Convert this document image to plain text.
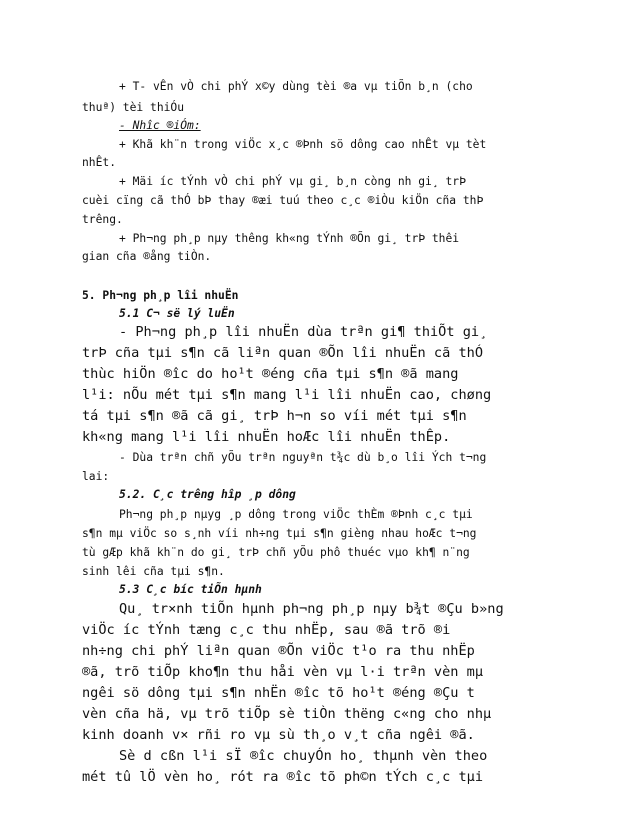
+ T- vÊn vÒ chi phÝ x©y dùng tèi ®a vµ tiÕn b¸n (cho
thuª) tèi thiÓu
- Nhîc ®iÓm:
+ Khã kh¨n trong viÖc x¸c ®Þnh sö dông cao nhÊt vµ tèt
nhÊt.
+ Mäi íc tÝnh vÒ chi phÝ vµ gi¸ b¸n còng nh gi¸ trÞ
cuèi cïng cã thÓ bÞ thay ®æi tuú theo c¸c ®iÒu kiÖn cña thÞ
trêng.
+ Ph¬ng ph¸p nµy thêng kh«ng tÝnh ®Õn gi¸ trÞ thêi
gian cña ®ång tiÒn.
5. Ph¬ng ph¸p lîi nhuËn
5.1 C¬ së lý luËn
- Ph¬ng ph¸p lîi nhuËn dùa trªn gi¶ thiÕt gi¸
trÞ cña tµi s¶n cã liªn quan ®Õn lîi nhuËn cã thÓ
thùc hiÖn ®îc do ho¹t ®éng cña tµi s¶n ®ã mang
l¹i: nÕu mét tµi s¶n mang l¹i lîi nhuËn cao, chøng
tá tµi s¶n ®ã cã gi¸ trÞ h¬n so víi mét tµi s¶n
kh«ng mang l¹i lîi nhuËn hoÆc lîi nhuËn thÊp.
- Dùa trªn chñ yÕu trªn nguyªn t¾c dù b¸o lîi Ých t¬ng
lai:
5.2. C¸c trêng hîp ¸p dông
Ph¬ng ph¸p nµyg ¸p dông trong viÖc thÈm ®Þnh c¸c tµi
s¶n mµ viÖc so s¸nh víi nh÷ng tµi s¶n gièng nhau hoÆc t¬ng
tù gÆp khã kh¨n do gi¸ trÞ chñ yÕu phô thuéc vµo kh¶ n¨ng
sinh lêi cña tµi s¶n.
5.3 C¸c bíc tiÕn hµnh
Qu¸ tr×nh tiÕn hµnh ph¬ng ph¸p nµy b¾t ®Çu b»ng
viÖc íc tÝnh tæng c¸c thu nhËp, sau ®ã trõ ®i
nh÷ng chi phÝ liªn quan ®Õn viÖc t¹o ra thu nhËp
®ã, trõ tiÕp kho¶n thu håi vèn vµ l·i trªn vèn mµ
ngêi sö dông tµi s¶n nhËn ®îc tõ ho¹t ®éng ®Çu t
vèn cña hä, vµ trõ tiÕp sè tiÒn thëng c«ng cho nhµ
kinh doanh v× rñi ro vµ sù th¸o v¸t cña ngêi ®ã.
Sè d cßn l¹i sÏ ®îc chuyÓn ho¸ thµnh vèn theo
mét tû lÖ vèn ho¸ rót ra ®îc tõ ph©n tÝch c¸c tµi
